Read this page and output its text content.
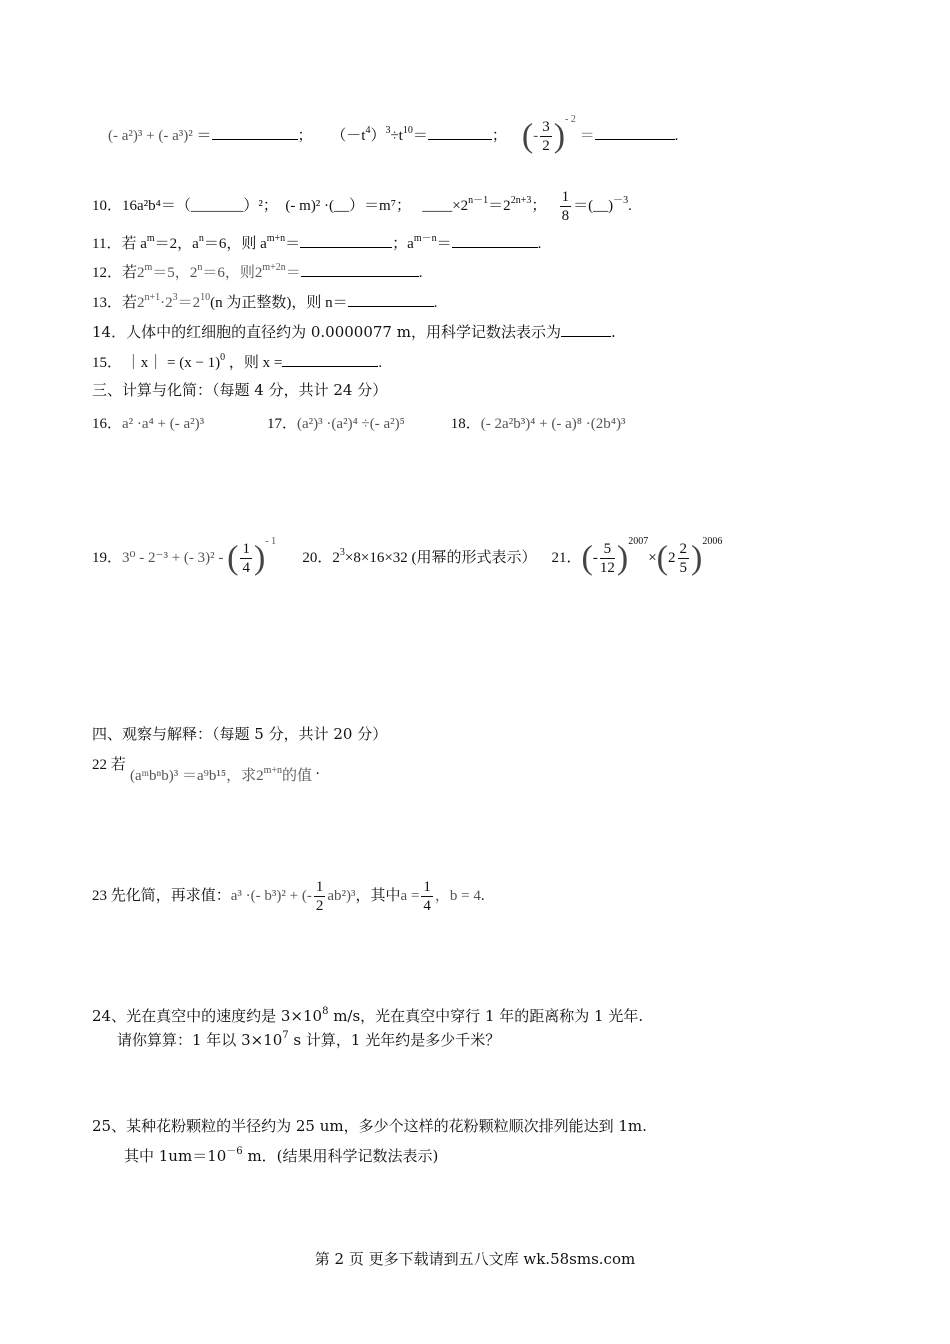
(- a²)³ + (- a³)² ＝	； $(-t^4)^3\div t^{10}=$	； (- $\frac{3}{2} )^{- 2}$ ＝	.
10．16a²b⁴＝（_______）²； (- m)² ·(__）＝m⁷； $\_\_\_\_\times 2^{n-1}=2^{2n+3}$； $\frac{1}{8}$ ＝(__)$^{-3}$.
11．若 $a^m=2$，$a^n=6$，则 $a^{m+n}=$	；$a^{m-n}=$	.
12．若$2^m=5$，$2^n=6$，则$2^{m+2n}=$	.
13．若$2^{n+1}\cdot 2^3=2^{10}(n$ 为正整数)，则 n＝	.
14．人体中的红细胞的直径约为 0.0000077 m，用科学记数法表示为	.
15． ｜x｜ = $(x - 1)^0$ ，则 x =	.
三、计算与化简：（每题 4 分，共计 24 分）
16．a² ·a⁴ + (- a²)³	17．(a²)³ ·(a²)⁴ ÷(- a²)⁵	18．(- 2a²b³)⁴ + (- a)⁸ ·(2b⁴)³
19．3⁰ - 2⁻³ + (- 3)² - ( $\frac{1}{4} )^{- 1}$       20．$2^3\times 8\times 16\times 32$ (用幂的形式表示） 21．(- $\frac{5}{12} )^{2007}\times(2 \frac{2}{5} )^{2006}$
四、观察与解释：（每题 5 分，共计 20 分）
22 若
(aᵐbⁿb)³ ＝a⁹b¹⁵，求$2^{m+n}$的值 .
23 先化简，再求值：a³ ·(- b³)² + (- $\frac{1}{2} ab^2)^3$，其中$a = \frac{1}{4}$ ，b = 4.
24、光在真空中的速度约是 $3\times 10^8$ m/s，光在真空中穿行 1 年的距离称为 1 光年.
请你算算：1 年以 $3\times 10^7$ s 计算，1 光年约是多少千米？
25、某种花粉颗粒的半径约为 25 um，多少个这样的花粉颗粒顺次排列能达到 1m.
其中 $1um=10^{-6}$ m．(结果用科学记数法表示)
第 2 页 更多下载请到五八文库 wk.58sms.com
